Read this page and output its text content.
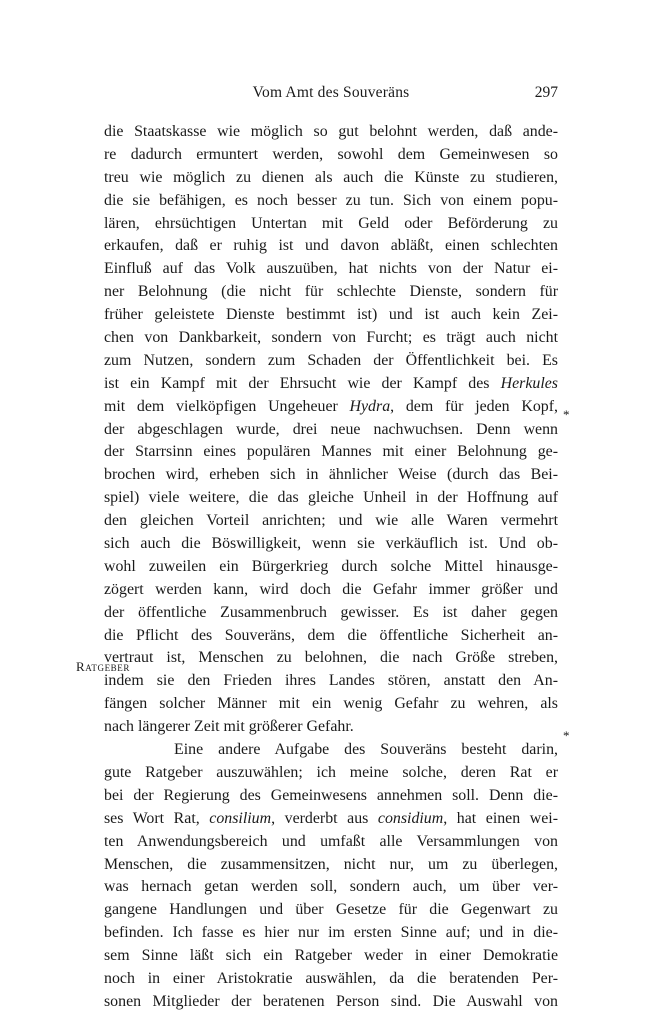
Vom Amt des Souveräns	297
Ratgeber
*
*
die Staatskasse wie möglich so gut belohnt werden, daß ande-
re dadurch ermuntert werden, sowohl dem Gemeinwesen so
treu wie möglich zu dienen als auch die Künste zu studieren,
die sie befähigen, es noch besser zu tun. Sich von einem popu-
lären, ehrsüchtigen Untertan mit Geld oder Beförderung zu
erkaufen, daß er ruhig ist und davon abläßt, einen schlechten
Einfluß auf das Volk auszuüben, hat nichts von der Natur ei-
ner Belohnung (die nicht für schlechte Dienste, sondern für
früher geleistete Dienste bestimmt ist) und ist auch kein Zei-
chen von Dankbarkeit, sondern von Furcht; es trägt auch nicht
zum Nutzen, sondern zum Schaden der Öffentlichkeit bei. Es
ist ein Kampf mit der Ehrsucht wie der Kampf des Herkules
mit dem vielköpfigen Ungeheuer Hydra, dem für jeden Kopf,
der abgeschlagen wurde, drei neue nachwuchsen. Denn wenn
der Starrsinn eines populären Mannes mit einer Belohnung ge-
brochen wird, erheben sich in ähnlicher Weise (durch das Bei-
spiel) viele weitere, die das gleiche Unheil in der Hoffnung auf
den gleichen Vorteil anrichten; und wie alle Waren vermehrt
sich auch die Böswilligkeit, wenn sie verkäuflich ist. Und ob-
wohl zuweilen ein Bürgerkrieg durch solche Mittel hinausge-
zögert werden kann, wird doch die Gefahr immer größer und
der öffentliche Zusammenbruch gewisser. Es ist daher gegen
die Pflicht des Souveräns, dem die öffentliche Sicherheit an-
vertraut ist, Menschen zu belohnen, die nach Größe streben,
indem sie den Frieden ihres Landes stören, anstatt den An-
fängen solcher Männer mit ein wenig Gefahr zu wehren, als
nach längerer Zeit mit größerer Gefahr.
Eine andere Aufgabe des Souveräns besteht darin,
gute Ratgeber auszuwählen; ich meine solche, deren Rat er
bei der Regierung des Gemeinwesens annehmen soll. Denn die-
ses Wort Rat, consilium, verderbt aus considium, hat einen wei-
ten Anwendungsbereich und umfaßt alle Versammlungen von
Menschen, die zusammensitzen, nicht nur, um zu überlegen,
was hernach getan werden soll, sondern auch, um über ver-
gangene Handlungen und über Gesetze für die Gegenwart zu
befinden. Ich fasse es hier nur im ersten Sinne auf; und in die-
sem Sinne läßt sich ein Ratgeber weder in einer Demokratie
noch in einer Aristokratie auswählen, da die beratenden Per-
sonen Mitglieder der beratenen Person sind. Die Auswahl von
